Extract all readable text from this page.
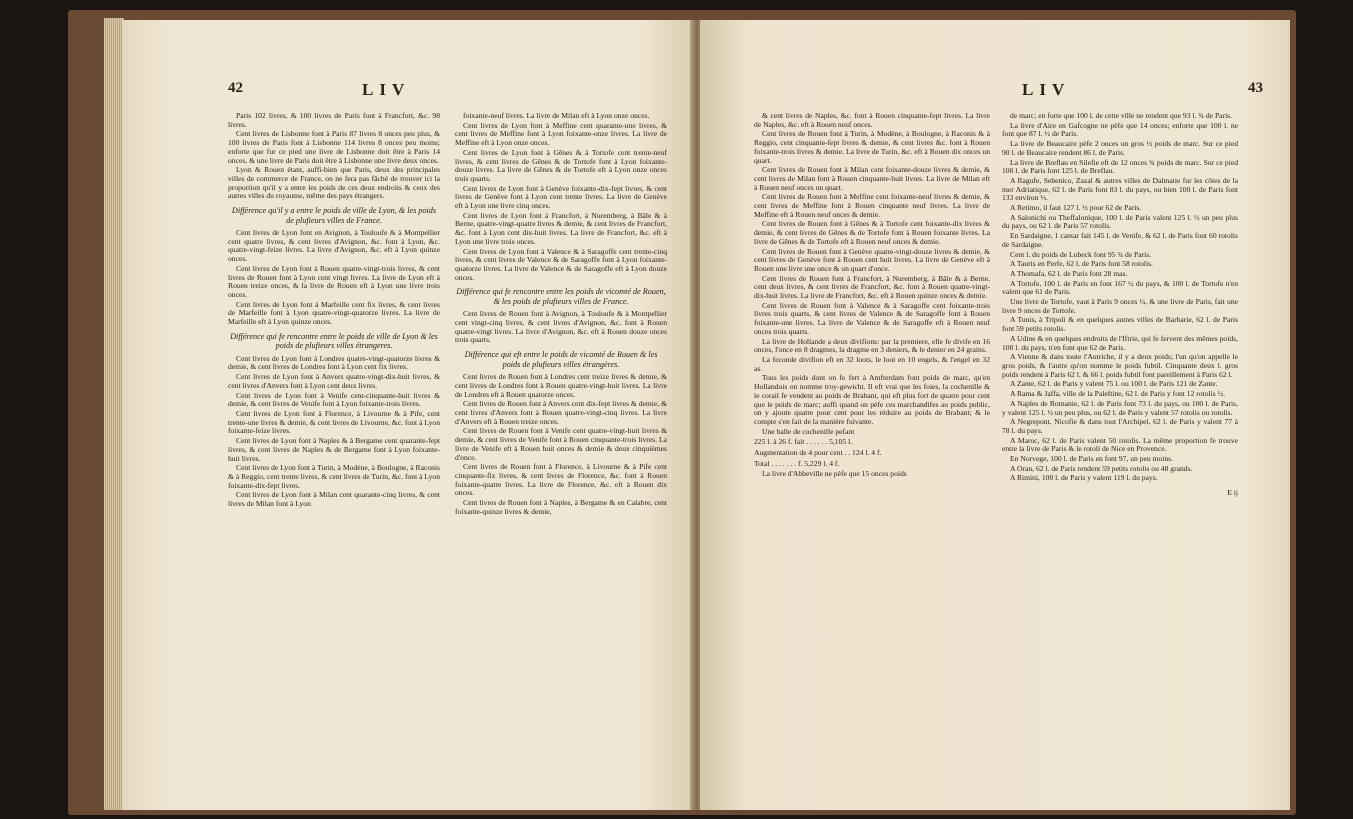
42	LIV

Paris 102 livres, & 100 livres de Paris font à Francfort, &c. 98 livres.

Cent livres de Lisbonne font à Paris 87 livres 8 onces peu plus, & 100 livres de Paris font à Lisbonne 114 livres 8 onces peu moins; enforte que fur ce pied une livre de Lisbonne doit être à Paris 14 onces, & une livre de Paris doit être à Lisbonne une livre deux onces.

Lyon & Rouen étant, auffi-bien que Paris, deux des principales villes de commerce de France, on ne fera pas fâché de trouver ici la proportion qu'il y a entre les poids de ces deux endroits & ceux des autres villes du royaume, même des pays étrangers.

Différence qu'il y a entre le poids de ville de Lyon, & les poids de plufieurs villes de France.

Cent livres de Lyon font en Avignon, à Touloufe & à Montpellier cent quatre livres, & cent livres d'Avignon, &c. font à Lyon, &c. quatre-vingt-feize livres. La livre d'Avignon, &c. eft à Lyon quinze onces.

Cent livres de Lyon font à Rouen quatre-vingt-trois livres, & cent livres de Rouen font à Lyon cent vingt livres. La livre de Lyon eft à Rouen treize onces, & la livre de Rouen eft à Lyon une livre trois onces.

Cent livres de Lyon font à Marfeille cent fix livres, & cent livres de Marfeille font à Lyon quatre-vingt-quatorze livres. La livre de Marfeille eft à Lyon quinze onces.

Différence qui fe rencontre entre le poids de ville de Lyon & les poids de plufieurs villes étrangeres.

Cent livres de Lyon font à Londres quatre-vingt-quatorze livres & demie, & cent livres de Londres font à Lyon cent fix livres.

Cent livres de Lyon font à Anvers quatre-vingt-dix-huit livres, & cent livres d'Anvers font à Lyon cent deux livres.

Cent livres de Lyon font à Venife cent-cinquante-huit livres & demie, & cent livres de Venife font à Lyon foixante-trois livres.

Cent livres de Lyon font à Florence, à Livourne & à Pife, cent trente-une livres & demie, & cent livres de Livourne, &c. font à Lyon foixante-feize livres.

Cent livres de Lyon font à Naples & à Bergame cent quarante-fept livres, & cent livres de Naples & de Bergame font à Lyon foixante-huit livres.

Cent livres de Lyon font à Turin, à Modène, à Boulogne, à Raconis & à Reggio, cent trente livres, & cent livres de Turin, &c. font à Lyon foixante-dix-fept livres.

Cent livres de Lyon font à Milan cent quarante-cinq livres, & cent livres de Milan font à Lyon

foixante-neuf livres. La livre de Milan eft à Lyon onze onces.

Cent livres de Lyon font à Meffine cent quarante-une livres, & cent livres de Meffine font à Lyon foixante-onze livres. La livre de Meffine eft à Lyon onze onces.

Cent livres de Lyon font à Gênes & à Tortofe cent trente-neuf livres, & cent livres de Gênes & de Tortofe font à Lyon foixante-douze livres. La livre de Gênes & de Tortofe eft à Lyon onze onces trois quarts.

Cent livres de Lyon font à Genève foixante-dix-fept livres, & cent livres de Genève font à Lyon cent trente livres. La livre de Genève eft à Lyon une livre cinq onces.

Cent livres de Lyon font à Francfort, à Nuremberg, à Bâle & à Berne, quatre-vingt-quatre livres & demie, & cent livres de Francfort, &c. font à Lyon cent dix-huit livres. La livre de Francfort, &c. eft à Lyon une livre trois onces.

Cent livres de Lyon font à Valence & à Saragoffe cent trente-cinq livres, & cent livres de Valence & de Saragoffe font à Lyon foixante-quatorze livres. La livre de Valence & de Saragoffe eft à Lyon douze onces.

Différence qui fe rencontre entre les poids de vicomté de Rouen, & les poids de plufieurs villes de France.

Cent livres de Rouen font à Avignon, à Touloufe & à Montpellier cent vingt-cinq livres, & cent livres d'Avignon, &c. font à Rouen quatre-vingt livres. La livre d'Avignon, &c. eft à Rouen douze onces trois quarts.

Différence qui eft entre le poids de vicomté de Rouen & les poids de plufieurs villes étrangères.

Cent livres de Rouen font à Londres cent treize livres & demie, & cent livres de Londres font à Rouen quatre-vingt-huit livres. La livre de Londres eft à Rouen quatorze onces.

Cent livres de Rouen font à Anvers cent dix-fept livres & demie, & cent livres d'Anvers font à Rouen quatre-vingt-cinq livres. La livre d'Anvers eft à Rouen treize onces.

Cent livres de Rouen font à Venife cent quatre-vingt-huit livres & demie, & cent livres de Venife font à Rouen cinquante-trois livres. La livre de Venife eft à Rouen huit onces & demie & deux cinquièmes d'once.

Cent livres de Rouen font à Florence, à Livourne & à Pife cent cinquante-fix livres, & cent livres de Florence, &c. font à Rouen foixante-quatre livres. La livre de Florence, &c. eft à Rouen dix onces.

Cent livres de Rouen font à Naples, à Bergame & en Calabre, cent foixante-quinze livres & demie,

LIV	43

& cent livres de Naples, &c. font à Rouen cinquante-fept livres. La livre de Naples, &c. eft à Rouen neuf onces.

Cent livres de Rouen font à Turin, à Modène, à Boulogne, à Raconis & à Reggio, cent cinquante-fept livres & demie, & cent livres &c. font à Rouen foixante-trois livres & demie. La livre de Turin, &c. eft à Rouen dix onces un quart.

Cent livres de Rouen font à Milan cent foixante-douze livres & demie, & cent livres de Milan font à Rouen cinquante-huit livres. La livre de Milan eft à Rouen neuf onces un quart.

Cent livres de Rouen font à Meffine cent foixante-neuf livres & demie, & cent livres de Meffine font à Rouen cinquante neuf livres. La livre de Meffine eft à Rouen neuf onces & demie.

Cent livres de Rouen font à Gênes & à Tortofe cent foixante-dix livres & demie, & cent livres de Gênes & de Tortofe font à Rouen foixante livres. La livre de Gênes & de Tortofe eft à Rouen neuf onces & demie.

Cent livres de Rouen font à Genève quatre-vingt-douze livres & demie, & cent livres de Genève font à Rouen cent huit livres. La livre de Genève eft à Rouen une livre une once & un quart d'once.

Cent livres de Rouen font à Francfort, à Nuremberg, à Bâle & à Berne, cent deux livres, & cent livres de Francfort, &c. font à Rouen quatre-vingt-dix-huit livres. La livre de Francfort, &c. eft à Rouen quinze onces & demie.

Cent livres de Rouen font à Valence & à Saragoffe cent foixante-trois livres trois quarts, & cent livres de Valence & de Saragoffe font à Rouen foixante-une livres. La livre de Valence & de Saragoffe eft à Rouen neuf onces trois quarts.

La livre de Hollande a deux divifions: par la premiere, elle fe divife en 16 onces, l'once en 8 dragmes, la dragme en 3 deniers, & le denier en 24 grains.

La feconde divifion eft en 32 loots, le loot en 10 engels, & l'engel en 32 as.

Tous les poids dont on fe fert à Amfterdam font poids de marc, qu'en Hollandois on nomme troy-gewicht. Il eft vrai que les foies, la cochenille & le corail fe vendent au poids de Brabant, qui eft plus fort de quatre pour cent que le poids de marc; auffi quand on pèfe ces marchandifes au poids public, on y ajoute quatre pour cent pour les réduire au poids de Brabant; & le compte s'en fait de la manière fuivante.

Une balle de cochenille pefant

225 l. à 26 f. fait . . . . . . 5,105 l.

Augmentation de 4 pour cent . . 124 l. 4 f.

Total . . . . . . . f. 5,229 l. 4 f.

La livre d'Abbeville ne pèfe que 15 onces poids

de marc; en forte que 100 l. de cette ville ne rendent que 93 l. ¾ de Paris.

La livre d'Aire en Gafcogne ne pèfe que 14 onces; enforte que 100 l. ne font que 87 l. ½ de Paris.

La livre de Beaucaire pèfe 2 onces un gros ½ poids de marc. Sur ce pied 90 l. de Beaucaire rendent 86 l. de Paris.

La livre de Breflau en Silefie eft de 12 onces ¾ poids de marc. Sur ce pied 100 l. de Paris font 125 l. de Breflau.

A Ragufe, Sebenico, Zazal & autres villes de Dalmatie fur les côtes de la mer Adriatique, 62 l. de Paris font 83 l. du pays, ou bien 100 l. de Paris font 133 environ ⅓.

A Retimo, il faut 127 l. ½ pour 62 de Paris.

A Salonichi ou Theffalonique, 100 l. de Paris valent 125 l. ½ un peu plus du pays, ou 62 l. de Paris 57 rotolis.

En Sardaigne, 1 cantar fait 145 l. de Venife, & 62 l. de Paris font 60 rotolis de Sardaigne.

Cent l. du poids de Lubeck font 95 ¾ de Paris.

A Tauris en Perfe, 62 l. de Paris font 58 rotolis.

A Thomafa, 62 l. de Paris font 28 mas.

A Tortofe, 100 l. de Paris en font 167 ½ du pays, & 100 l. de Tortofe n'en valent que 61 de Paris.

Une livre de Tortofe, vaut à Paris 9 onces ¼, & une livre de Paris, fait une livre 9 onces de Tortofe.

A Tunis, à Tripoli & en quelques autres villes de Barbarie, 62 l. de Paris font 59 petits rotolis.

A Udine & en quelques endroits de l'Iftrie, qui fe fervent des mêmes poids, 100 l. du pays, n'en font que 62 de Paris.

A Vienne & dans toute l'Autriche, il y a deux poids; l'un qu'on appelle le gros poids, & l'autre qu'on nomme le poids fubtil. Cinquante deux l. gros poids rendent à Paris 62 l. & 66 l. poids fubtil font pareillement à Paris 62 l.

A Zante, 62 l. de Paris y valent 75 l. ou 100 l. de Paris 121 de Zante.

A Rama & Jaffa, ville de la Paleftine, 62 l. de Paris y font 12 rotolis ½.

A Naples de Romanie, 62 l. de Paris font 73 l. du pays, ou 100 l. de Paris, y valent 125 l. ½ un peu plus, ou 62 l. de Paris y valent 57 rotolis ou rotolis.

A Negrepont, Nicofie & dans tout l'Archipel, 62 l. de Paris y valent 77 à 78 l. du pays.

A Maroc, 62 l. de Paris valent 50 rotolis. La même proportion fe trouve entre la livre de Paris & le rotoli de Nice en Provence.

En Norvege, 100 l. de Paris en font 97, un peu moins.

A Oran, 62 l. de Paris rendent 59 petits rotolis ou 48 grands.

A Rimini, 100 l. de Paris y valent 119 l. du pays.

E ij
